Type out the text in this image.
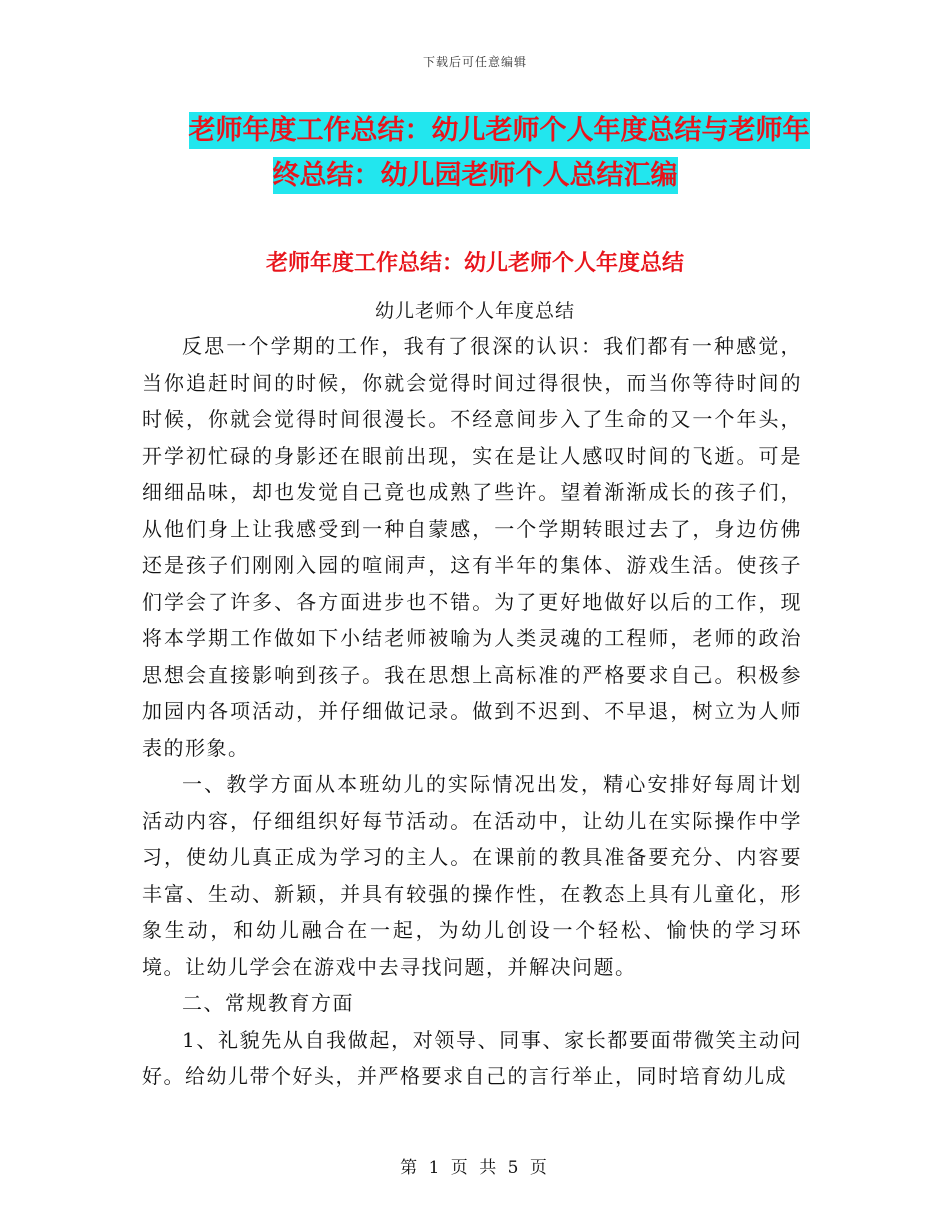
下载后可任意编辑
老师年度工作总结：幼儿老师个人年度总结与老师年
终总结：幼儿园老师个人总结汇编
老师年度工作总结：幼儿老师个人年度总结
幼儿老师个人年度总结

反思一个学期的工作，我有了很深的认识：我们都有一种感觉，当你追赶时间的时候，你就会觉得时间过得很快，而当你等待时间的时候，你就会觉得时间很漫长。不经意间步入了生命的又一个年头，开学初忙碌的身影还在眼前出现，实在是让人感叹时间的飞逝。可是细细品味，却也发觉自己竟也成熟了些许。望着渐渐成长的孩子们，从他们身上让我感受到一种自蒙感，一个学期转眼过去了，身边仿佛还是孩子们刚刚入园的喧闹声，这有半年的集体、游戏生活。使孩子们学会了许多、各方面进步也不错。为了更好地做好以后的工作，现将本学期工作做如下小结老师被喻为人类灵魂的工程师，老师的政治思想会直接影响到孩子。我在思想上高标准的严格要求自己。积极参加园内各项活动，并仔细做记录。做到不迟到、不早退，树立为人师表的形象。

一、教学方面从本班幼儿的实际情况出发，精心安排好每周计划活动内容，仔细组织好每节活动。在活动中，让幼儿在实际操作中学习，使幼儿真正成为学习的主人。在课前的教具准备要充分、内容要丰富、生动、新颖，并具有较强的操作性，在教态上具有儿童化，形象生动，和幼儿融合在一起，为幼儿创设一个轻松、愉快的学习环境。让幼儿学会在游戏中去寻找问题，并解决问题。

二、常规教育方面

1、礼貌先从自我做起，对领导、同事、家长都要面带微笑主动问好。给幼儿带个好头，并严格要求自己的言行举止，同时培育幼儿成

第 1 页 共 5 页
